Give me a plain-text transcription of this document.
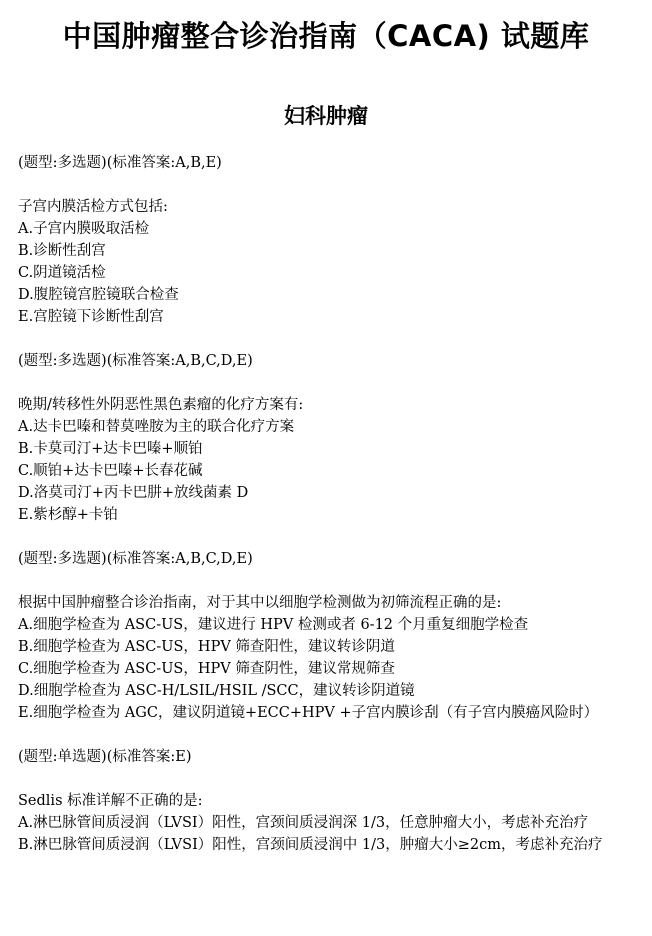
中国肿瘤整合诊治指南（CACA) 试题库
妇科肿瘤
(题型:多选题)(标准答案:A,B,E)
子宫内膜活检方式包括:
A.子宫内膜吸取活检
B.诊断性刮宫
C.阴道镜活检
D.腹腔镜宫腔镜联合检查
E.宫腔镜下诊断性刮宫
(题型:多选题)(标准答案:A,B,C,D,E)
晚期/转移性外阴恶性黑色素瘤的化疗方案有:
A.达卡巴嗪和替莫唑胺为主的联合化疗方案
B.卡莫司汀+达卡巴嗪+顺铂
C.顺铂+达卡巴嗪+长春花碱
D.洛莫司汀+丙卡巴肼+放线菌素 D
E.紫杉醇+卡铂
(题型:多选题)(标准答案:A,B,C,D,E)
根据中国肿瘤整合诊治指南，对于其中以细胞学检测做为初筛流程正确的是:
A.细胞学检查为 ASC-US，建议进行 HPV 检测或者 6-12 个月重复细胞学检查
B.细胞学检查为 ASC-US，HPV 筛查阳性，建议转诊阴道
C.细胞学检查为 ASC-US，HPV 筛查阴性，建议常规筛查
D.细胞学检查为 ASC-H/LSIL/HSIL /SCC，建议转诊阴道镜
E.细胞学检查为 AGC，建议阴道镜+ECC+HPV +子宫内膜诊刮（有子宫内膜癌风险时）
(题型:单选题)(标准答案:E)
Sedlis 标准详解不正确的是:
A.淋巴脉管间质浸润（LVSI）阳性，宫颈间质浸润深 1/3，任意肿瘤大小，考虑补充治疗
B.淋巴脉管间质浸润（LVSI）阳性，宫颈间质浸润中 1/3，肿瘤大小≥2cm，考虑补充治疗
